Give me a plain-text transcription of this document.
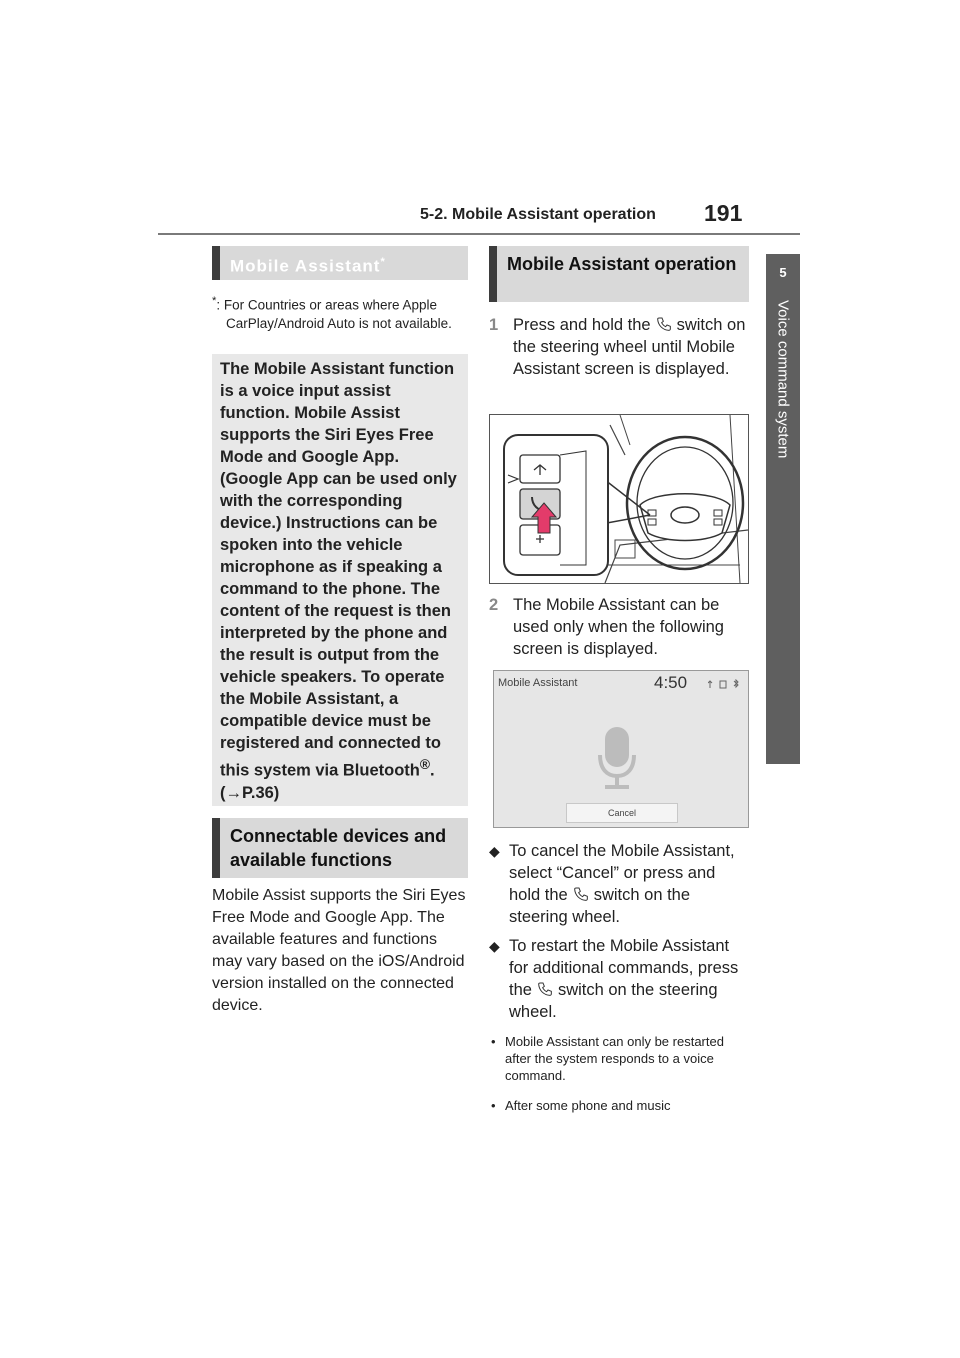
5-2. Mobile Assistant operation 191
5
Voice command system
Mobile Assistant*
*: For Countries or areas where Apple CarPlay/Android Auto is not available.

The Mobile Assistant function is a voice input assist function. Mobile Assist supports the Siri Eyes Free Mode and Google App. (Google App can be used only with the corresponding device.) Instructions can be spoken into the vehicle microphone as if speaking a command to the phone. The content of the request is then interpreted by the phone and the result is output from the vehicle speakers. To operate the Mobile Assistant, a compatible device must be registered and connected to this system via Bluetooth®. (→P.36)

Connectable devices and available functions

Mobile Assist supports the Siri Eyes Free Mode and Google App. The available features and functions may vary based on the iOS/Android version installed on the connected device.

Mobile Assistant operation
1 Press and hold the switch on the steering wheel until Mobile Assistant screen is displayed.
2 The Mobile Assistant can be used only when the following screen is displayed.
Mobile Assistant	4:50
Cancel
◆ To cancel the Mobile Assistant, select “Cancel” or press and hold the switch on the steering wheel.
◆ To restart the Mobile Assistant for additional commands, press the switch on the steering wheel.
• Mobile Assistant can only be restarted after the system responds to a voice command.
• After some phone and music
